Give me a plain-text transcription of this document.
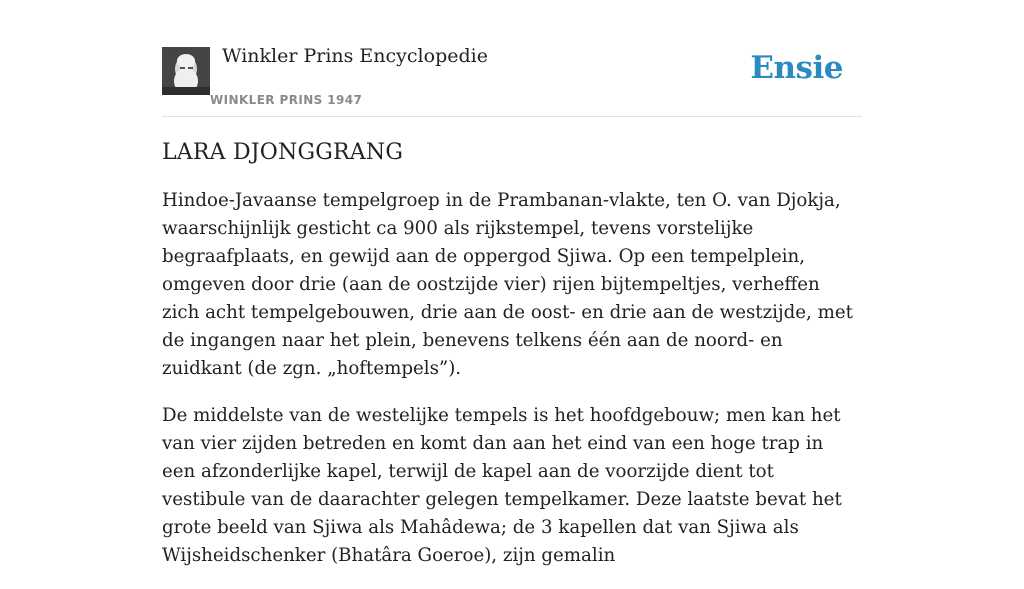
Winkler Prins Encyclopedie
WINKLER PRINS 1947
Ensie
LARA DJONGGRANG

Hindoe-Javaanse tempelgroep in de Prambanan-vlakte, ten O. van Djokja, waarschijnlijk gesticht ca 900 als rijkstempel, tevens vorstelijke begraafplaats, en gewijd aan de oppergod Sjiwa. Op een tempelplein, omgeven door drie (aan de oostzijde vier) rijen bijtempeltjes, verheffen zich acht tempelgebouwen, drie aan de oost- en drie aan de westzijde, met de ingangen naar het plein, benevens telkens één aan de noord- en zuidkant (de zgn. „hoftempels”).

De middelste van de westelijke tempels is het hoofdgebouw; men kan het van vier zijden betreden en komt dan aan het eind van een hoge trap in een afzonderlijke kapel, terwijl de kapel aan de voorzijde dient tot vestibule van de daarachter gelegen tempelkamer. Deze laatste bevat het grote beeld van Sjiwa als Mahâdewa; de 3 kapellen dat van Sjiwa als Wijsheidschenker (Bhatâra Goeroe), zijn gemalin
